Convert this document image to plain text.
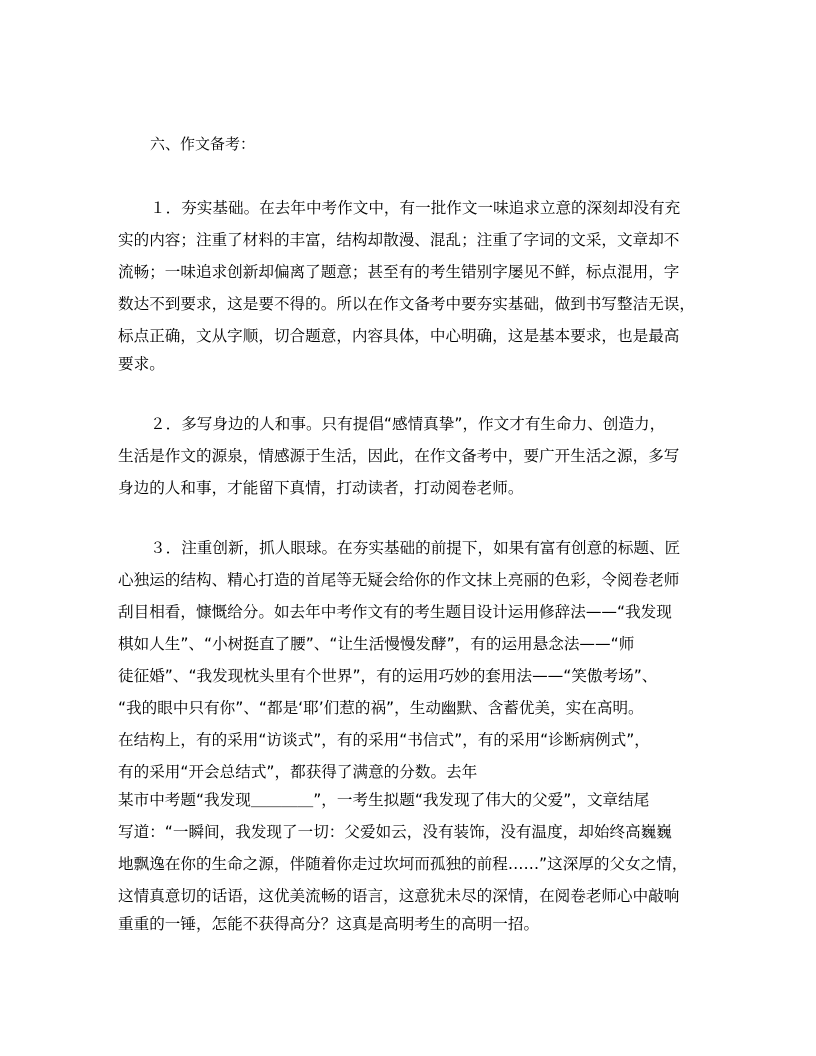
六、作文备考：
１．夯实基础。在去年中考作文中，有一批作文一味追求立意的深刻却没有充
实的内容；注重了材料的丰富，结构却散漫、混乱；注重了字词的文采，文章却不
流畅；一味追求创新却偏离了题意；甚至有的考生错别字屡见不鲜，标点混用，字
数达不到要求，这是要不得的。所以在作文备考中要夯实基础，做到书写整洁无误，
标点正确，文从字顺，切合题意，内容具体，中心明确，这是基本要求，也是最高
要求。
２．多写身边的人和事。只有提倡“感情真挚”，作文才有生命力、创造力，
生活是作文的源泉，情感源于生活，因此，在作文备考中，要广开生活之源，多写
身边的人和事，才能留下真情，打动读者，打动阅卷老师。
３．注重创新，抓人眼球。在夯实基础的前提下，如果有富有创意的标题、匠
心独运的结构、精心打造的首尾等无疑会给你的作文抹上亮丽的色彩，令阅卷老师
刮目相看，慷慨给分。如去年中考作文有的考生题目设计运用修辞法——“我发现
棋如人生”、“小树挺直了腰”、“让生活慢慢发酵”，有的运用悬念法——“师
徒征婚”、“我发现枕头里有个世界”，有的运用巧妙的套用法——“笑傲考场”、
“我的眼中只有你”、“都是‘耶’们惹的祸”，生动幽默、含蓄优美，实在高明。
在结构上，有的采用“访谈式”，有的采用“书信式”，有的采用“诊断病例式”，
有的采用“开会总结式”，都获得了满意的分数。去年
某市中考题“我发现＿＿＿＿”，一考生拟题“我发现了伟大的父爱”，文章结尾
写道：“一瞬间，我发现了一切：父爱如云，没有装饰，没有温度，却始终高巍巍
地飘逸在你的生命之源，伴随着你走过坎坷而孤独的前程……”这深厚的父女之情，
这情真意切的话语，这优美流畅的语言，这意犹未尽的深情，在阅卷老师心中敲响
重重的一锤，怎能不获得高分？这真是高明考生的高明一招。
